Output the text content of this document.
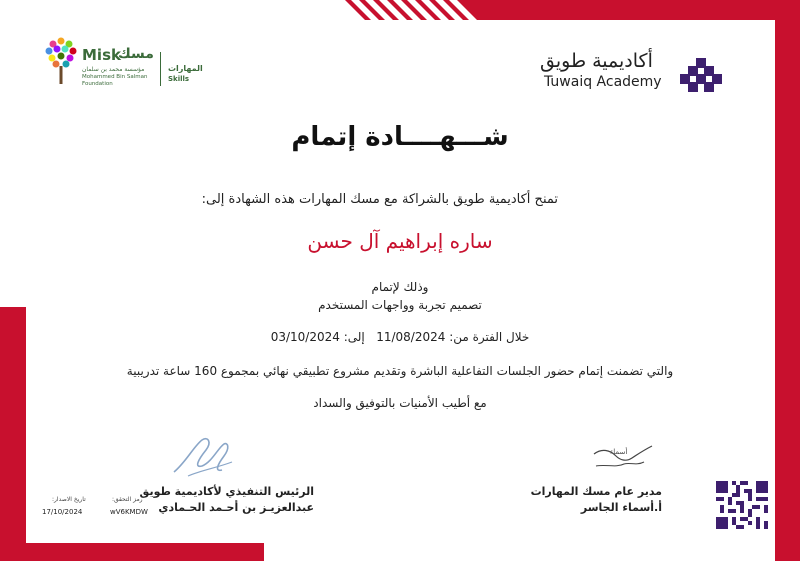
Misk
مسك
مؤسسة محمد بن سلمان
Mohammed Bin Salman
Foundation
المهارات
Skills
أكاديمية طويق
Tuwaiq Academy
شـــهــــادة إتمام
تمنح أكاديمية طويق بالشراكة مع مسك المهارات هذه الشهادة إلى:
ساره إبراهيم آل حسن
وذلك لإتمام
تصميم تجربة وواجهات المستخدم
خلال الفترة من: 11/08/2024   إلى: 03/10/2024
والتي تضمنت إتمام حضور الجلسات التفاعلية الباشرة وتقديم مشروع تطبيقي نهائي بمجموع 160 ساعة تدريبية
مع أطيب الأمنيات بالتوفيق والسداد
الرئيس التنفيذي لأكاديمية طويق
عبدالعزيـز بن أحـمد الحـمادي
أسماء
مدير عام مسك المهارات
أ.أسماء الجاسر
رمز التحقق:
wV6KMDW
تاريخ الاصدار:
17/10/2024
